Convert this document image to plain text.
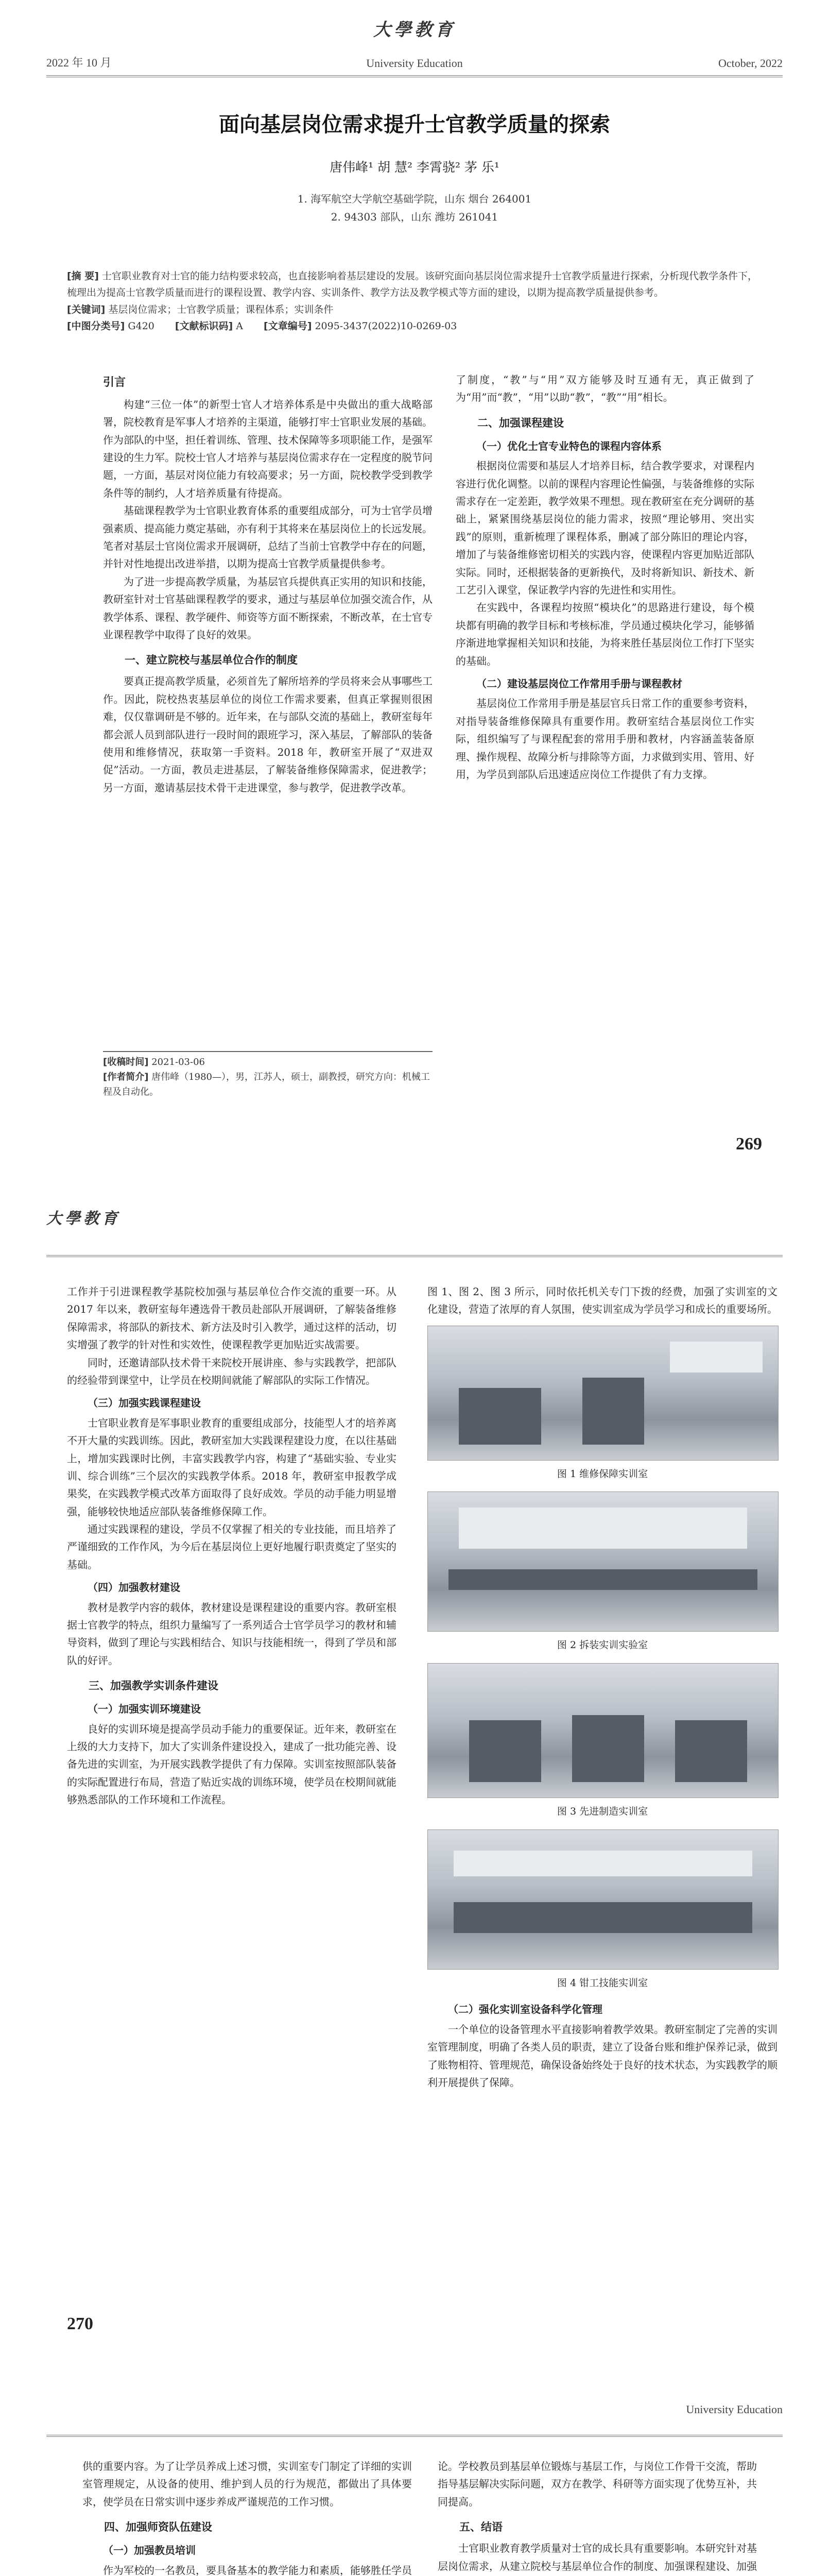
大學教育
2022 年 10 月	University Education	October, 2022
面向基层岗位需求提升士官教学质量的探索
唐伟峰¹ 胡 慧² 李霄骁² 茅 乐¹
1. 海军航空大学航空基础学院，山东 烟台 264001
2. 94303 部队，山东 潍坊 261041

[摘 要] 士官职业教育对士官的能力结构要求较高，也直接影响着基层建设的发展。该研究面向基层岗位需求提升士官教学质量进行探索，分析现代教学条件下，梳理出为提高士官教学质量而进行的课程设置、教学内容、实训条件、教学方法及教学模式等方面的建设，以期为提高教学质量提供参考。

[关键词] 基层岗位需求；士官教学质量；课程体系；实训条件

[中图分类号] G420 [文献标识码] A [文章编号] 2095-3437(2022)10-0269-03
引言

构建“三位一体”的新型士官人才培养体系是中央做出的重大战略部署，院校教育是军事人才培养的主渠道，能够打牢士官职业发展的基础。作为部队的中坚，担任着训练、管理、技术保障等多项职能工作，是强军建设的生力军。院校士官人才培养与基层岗位需求存在一定程度的脱节问题，一方面，基层对岗位能力有较高要求；另一方面，院校教学受到教学条件等的制约，人才培养质量有待提高。

基础课程教学为士官职业教育体系的重要组成部分，可为士官学员增强素质、提高能力奠定基础，亦有利于其将来在基层岗位上的长远发展。笔者对基层士官岗位需求开展调研，总结了当前士官教学中存在的问题，并针对性地提出改进举措，以期为提高士官教学质量提供参考。

为了进一步提高教学质量，为基层官兵提供真正实用的知识和技能，教研室针对士官基础课程教学的要求，通过与基层单位加强交流合作，从教学体系、课程、教学硬件、师资等方面不断探索，不断改革，在士官专业课程教学中取得了良好的效果。

一、建立院校与基层单位合作的制度

要真正提高教学质量，必须首先了解所培养的学员将来会从事哪些工作。因此，院校热衷基层单位的岗位工作需求要素，但真正掌握则很困难，仅仅靠调研是不够的。近年来，在与部队交流的基础上，教研室每年都会派人员到部队进行一段时间的跟班学习，深入基层，了解部队的装备使用和维修情况，获取第一手资料。2018 年，教研室开展了“双进双促”活动。一方面，教员走进基层，了解装备维修保障需求，促进教学；另一方面，邀请基层技术骨干走进课堂，参与教学，促进教学改革。

了制度，“教”与“用”双方能够及时互通有无，真正做到了为“用”而“教”，“用”以助“教”，“教”“用”相长。

二、加强课程建设
（一）优化士官专业特色的课程内容体系

根据岗位需要和基层人才培养目标，结合教学要求，对课程内容进行优化调整。以前的课程内容理论性偏强，与装备维修的实际需求存在一定差距，教学效果不理想。现在教研室在充分调研的基础上，紧紧围绕基层岗位的能力需求，按照“理论够用、突出实践”的原则，重新梳理了课程体系，删减了部分陈旧的理论内容，增加了与装备维修密切相关的实践内容，使课程内容更加贴近部队实际。同时，还根据装备的更新换代，及时将新知识、新技术、新工艺引入课堂，保证教学内容的先进性和实用性。

在实践中，各课程均按照“模块化”的思路进行建设，每个模块都有明确的教学目标和考核标准，学员通过模块化学习，能够循序渐进地掌握相关知识和技能，为将来胜任基层岗位工作打下坚实的基础。

（二）建设基层岗位工作常用手册与课程教材

基层岗位工作常用手册是基层官兵日常工作的重要参考资料，对指导装备维修保障具有重要作用。教研室结合基层岗位工作实际，组织编写了与课程配套的常用手册和教材，内容涵盖装备原理、操作规程、故障分析与排除等方面，力求做到实用、管用、好用，为学员到部队后迅速适应岗位工作提供了有力支撑。

[收稿时间] 2021-03-06
[作者简介] 唐伟峰（1980—），男，江苏人，硕士，副教授，研究方向：机械工程及自动化。
269
大學教育

工作并于引进课程教学基院校加强与基层单位合作交流的重要一环。从 2017 年以来，教研室每年遴选骨干教员赴部队开展调研，了解装备维修保障需求，将部队的新技术、新方法及时引入教学，通过这样的活动，切实增强了教学的针对性和实效性，使课程教学更加贴近实战需要。

同时，还邀请部队技术骨干来院校开展讲座、参与实践教学，把部队的经验带到课堂中，让学员在校期间就能了解部队的实际工作情况。

（三）加强实践课程建设

士官职业教育是军事职业教育的重要组成部分，技能型人才的培养离不开大量的实践训练。因此，教研室加大实践课程建设力度，在以往基础上，增加实践课时比例，丰富实践教学内容，构建了“基础实验、专业实训、综合训练”三个层次的实践教学体系。2018 年，教研室申报教学成果奖，在实践教学模式改革方面取得了良好成效。学员的动手能力明显增强，能够较快地适应部队装备维修保障工作。

通过实践课程的建设，学员不仅掌握了相关的专业技能，而且培养了严谨细致的工作作风，为今后在基层岗位上更好地履行职责奠定了坚实的基础。

（四）加强教材建设

教材是教学内容的载体，教材建设是课程建设的重要内容。教研室根据士官教学的特点，组织力量编写了一系列适合士官学员学习的教材和辅导资料，做到了理论与实践相结合、知识与技能相统一，得到了学员和部队的好评。

三、加强教学实训条件建设
（一）加强实训环境建设

良好的实训环境是提高学员动手能力的重要保证。近年来，教研室在上级的大力支持下，加大了实训条件建设投入，建成了一批功能完善、设备先进的实训室，为开展实践教学提供了有力保障。实训室按照部队装备的实际配置进行布局，营造了贴近实战的训练环境，使学员在校期间就能够熟悉部队的工作环境和工作流程。

图 1、图 2、图 3 所示，同时依托机关专门下拨的经费，加强了实训室的文化建设，营造了浓厚的育人氛围，使实训室成为学员学习和成长的重要场所。

图 1 维修保障实训室
图 2 拆装实训实验室
图 3 先进制造实训室
图 4 钳工技能实训室
（二）强化实训室设备科学化管理

一个单位的设备管理水平直接影响着教学效果。教研室制定了完善的实训室管理制度，明确了各类人员的职责，建立了设备台账和维护保养记录，做到了账物相符、管理规范，确保设备始终处于良好的技术状态，为实践教学的顺利开展提供了保障。

270
University Education

供的重要内容。为了让学员养成上述习惯，实训室专门制定了详细的实训室管理规定，从设备的使用、维护到人员的行为规范，都做出了具体要求，使学员在日常实训中逐步养成严谨规范的工作习惯。

四、加强师资队伍建设
（一）加强教员培训

作为军校的一名教员，要具备基本的教学能力和素质，能够胜任学员

论。学校教员到基层单位锻炼与基层工作，与岗位工作骨干交流，帮助指导基层解决实际问题，双方在教学、科研等方面实现了优势互补，共同提高。

五、结语

士官职业教育教学质量对士官的成长具有重要影响。本研究针对基层岗位需求，从建立院校与基层单位合作的制度、加强课程建设、加强
